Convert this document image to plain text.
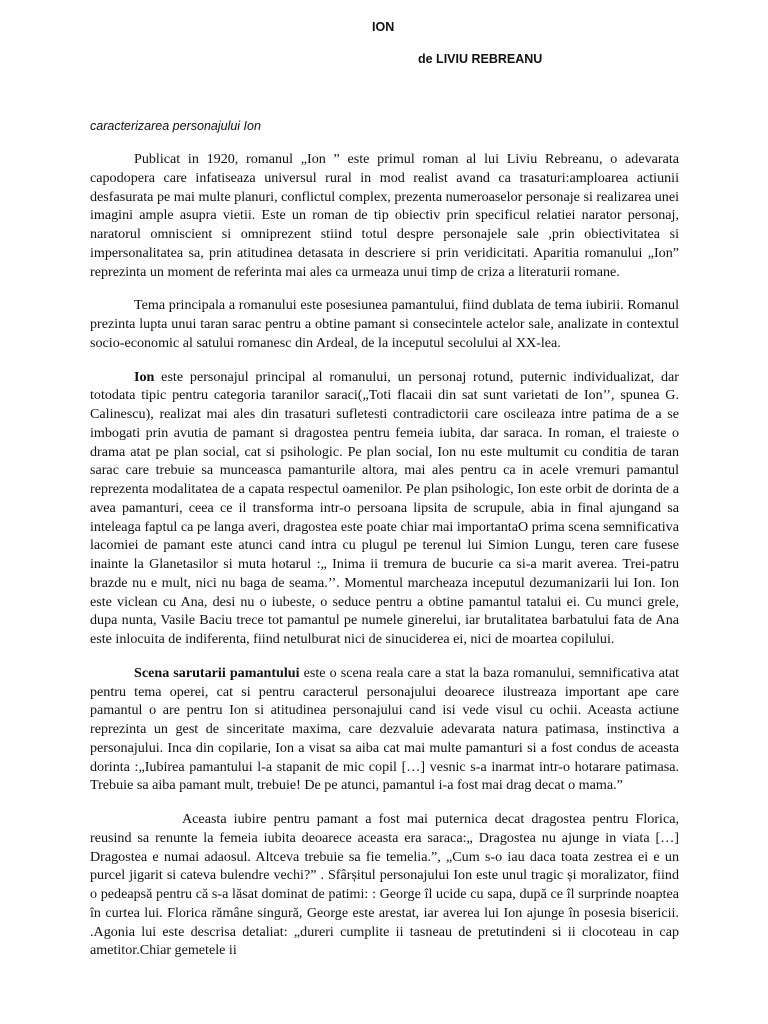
ION
de LIVIU REBREANU

caracterizarea personajului Ion

Publicat in 1920, romanul „Ion ” este primul roman al lui Liviu Rebreanu, o adevarata capodopera care infatiseaza universul rural in mod realist avand ca trasaturi:amploarea actiunii desfasurata pe mai multe planuri, conflictul complex, prezenta numeroaselor personaje si realizarea unei imagini ample asupra vietii. Este un roman de tip obiectiv prin specificul relatiei narator personaj, naratorul omniscient si omniprezent stiind totul despre personajele sale ,prin obiectivitatea si impersonalitatea sa, prin atitudinea detasata in descriere si prin veridicitati. Aparitia romanului „Ion” reprezinta un moment de referinta mai ales ca urmeaza unui timp de criza a literaturii romane.

Tema principala a romanului este posesiunea pamantului, fiind dublata de tema iubirii. Romanul prezinta lupta unui taran sarac pentru a obtine pamant si consecintele actelor sale, analizate in contextul socio-economic al satului romanesc din Ardeal, de la inceputul secolului al XX-lea.

Ion este personajul principal al romanului, un personaj rotund, puternic individualizat, dar totodata tipic pentru categoria taranilor saraci(„Toti flacaii din sat sunt varietati de Ion’’, spunea G. Calinescu), realizat mai ales din trasaturi sufletesti contradictorii care oscileaza intre patima de a se imbogati prin avutia de pamant si dragostea pentru femeia iubita, dar saraca. In roman, el traieste o drama atat pe plan social, cat si psihologic. Pe plan social, Ion nu este multumit cu conditia de taran sarac care trebuie sa munceasca pamanturile altora, mai ales pentru ca in acele vremuri pamantul reprezenta modalitatea de a capata respectul oamenilor. Pe plan psihologic, Ion este orbit de dorinta de a avea pamanturi, ceea ce il transforma intr-o persoana lipsita de scrupule, abia in final ajungand sa inteleaga faptul ca pe langa averi, dragostea este poate chiar mai importantaO prima scena semnificativa lacomiei de pamant este atunci cand intra cu plugul pe terenul lui Simion Lungu, teren care fusese inainte la Glanetasilor si muta hotarul :„ Inima ii tremura de bucurie ca si-a marit averea. Trei-patru brazde nu e mult, nici nu baga de seama.’’. Momentul marcheaza inceputul dezumanizarii lui Ion. Ion este viclean cu Ana, desi nu o iubeste, o seduce pentru a obtine pamantul tatalui ei. Cu munci grele, dupa nunta, Vasile Baciu trece tot pamantul pe numele ginerelui, iar brutalitatea barbatului fata de Ana este inlocuita de indiferenta, fiind netulburat nici de sinuciderea ei, nici de moartea copilului.

Scena sarutarii pamantului este o scena reala care a stat la baza romanului, semnificativa atat pentru tema operei, cat si pentru caracterul personajului deoarece ilustreaza important ape care pamantul o are pentru Ion si atitudinea personajului cand isi vede visul cu ochii. Aceasta actiune reprezinta un gest de sinceritate maxima, care dezvaluie adevarata natura patimasa, instinctiva a personajului. Inca din copilarie, Ion a visat sa aiba cat mai multe pamanturi si a fost condus de aceasta dorinta :„Iubirea pamantului l-a stapanit de mic copil […] vesnic s-a inarmat intr-o hotarare patimasa. Trebuie sa aiba pamant mult, trebuie! De pe atunci, pamantul i-a fost mai drag decat o mama.”

Aceasta iubire pentru pamant a fost mai puternica decat dragostea pentru Florica, reusind sa renunte la femeia iubita deoarece aceasta era saraca:„ Dragostea nu ajunge in viata […] Dragostea e numai adaosul. Altceva trebuie sa fie temelia.”, „Cum s-o iau daca toata zestrea ei e un purcel jigarit si cateva bulendre vechi?” . Sfârșitul personajului Ion este unul tragic și moralizator, fiind o pedeapsă pentru că s-a lăsat dominat de patimi: : George îl ucide cu sapa, după ce îl surprinde noaptea în curtea lui. Florica rămâne singură, George este arestat, iar averea lui Ion ajunge în posesia bisericii. .Agonia lui este descrisa detaliat: „dureri cumplite ii tasneau de pretutindeni si ii clocoteau in cap ametitor.Chiar gemetele ii
